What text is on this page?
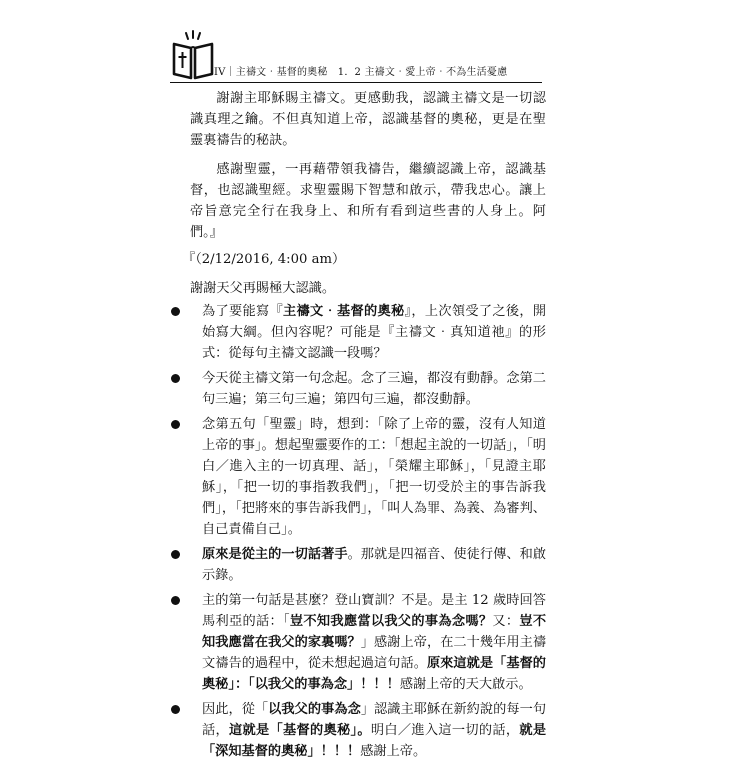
IV｜主禱文‧基督的奧秘　1．2 主禱文‧愛上帝‧不為生活憂慮

謝謝主耶穌賜主禱文。更感動我，認識主禱文是一切認識真理之鑰。不但真知道上帝，認識基督的奧秘，更是在聖靈裏禱告的秘訣。

感謝聖靈，一再藉帶領我禱告，繼續認識上帝，認識基督，也認識聖經。求聖靈賜下智慧和啟示，帶我忠心。讓上帝旨意完全行在我身上、和所有看到這些書的人身上。阿們。』

『（2/12/2016, 4:00 am）
謝謝天父再賜極大認識。
為了要能寫『主禱文‧基督的奧秘』，上次領受了之後，開始寫大綱。但內容呢？可能是『主禱文‧真知道祂』的形式：從每句主禱文認識一段嗎？
今天從主禱文第一句念起。念了三遍，都沒有動靜。念第二句三遍；第三句三遍；第四句三遍，都沒動靜。
念第五句「聖靈」時，想到：「除了上帝的靈，沒有人知道上帝的事」。想起聖靈要作的工：「想起主說的一切話」，「明白／進入主的一切真理、話」，「榮耀主耶穌」，「見證主耶穌」，「把一切的事指教我們」，「把一切受於主的事告訴我們」，「把將來的事告訴我們」，「叫人為罪、為義、為審判、自己責備自己」。
原來是從主的一切話著手。那就是四福音、使徒行傳、和啟示錄。
主的第一句話是甚麼？登山寶訓？不是。是主 12 歲時回答馬利亞的話：「豈不知我應當以我父的事為念嗎？又：豈不知我應當在我父的家裏嗎？」感謝上帝，在二十幾年用主禱文禱告的過程中，從未想起過這句話。原來這就是「基督的奧秘」：「以我父的事為念」！！！感謝上帝的天大啟示。
因此，從「以我父的事為念」認識主耶穌在新約說的每一句話，這就是「基督的奧秘」。明白／進入這一切的話，就是「深知基督的奧秘」！！！感謝上帝。
